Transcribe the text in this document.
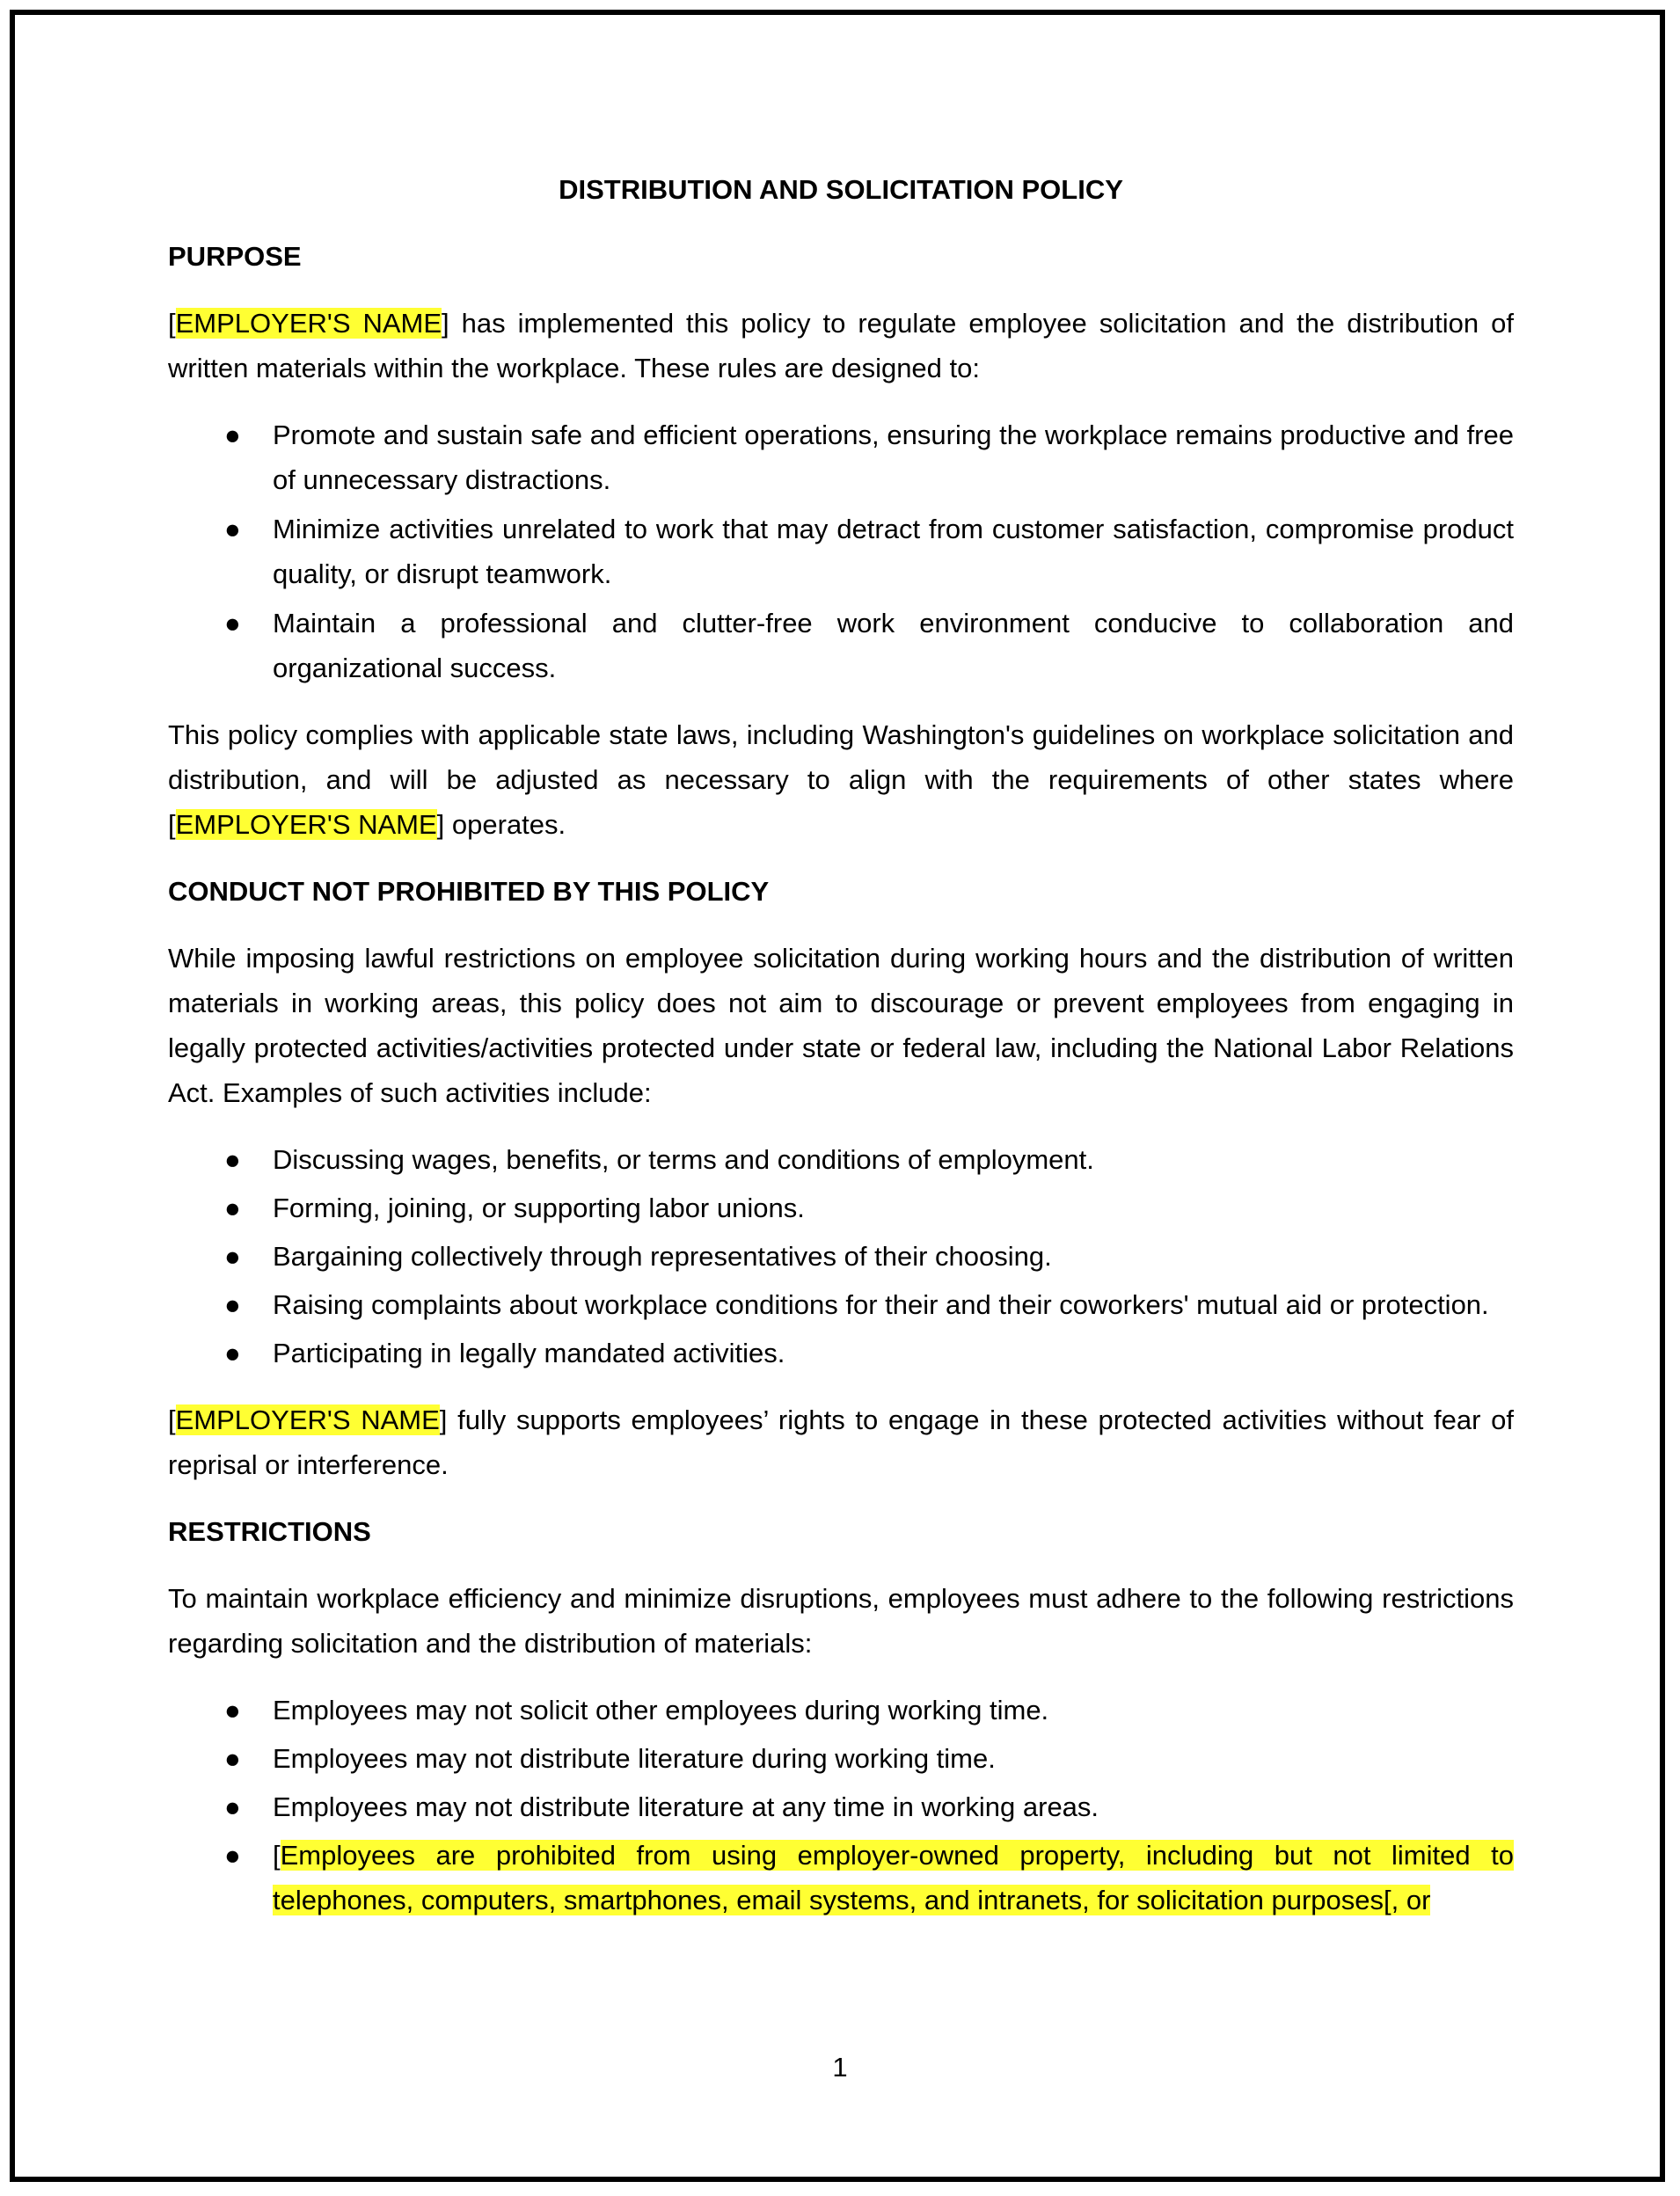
DISTRIBUTION AND SOLICITATION POLICY
PURPOSE

[EMPLOYER'S NAME] has implemented this policy to regulate employee solicitation and the distribution of written materials within the workplace. These rules are designed to:

● Promote and sustain safe and efficient operations, ensuring the workplace remains productive and free of unnecessary distractions.
● Minimize activities unrelated to work that may detract from customer satisfaction, compromise product quality, or disrupt teamwork.
● Maintain a professional and clutter-free work environment conducive to collaboration and organizational success.

This policy complies with applicable state laws, including Washington's guidelines on workplace solicitation and distribution, and will be adjusted as necessary to align with the requirements of other states where [EMPLOYER'S NAME] operates.

CONDUCT NOT PROHIBITED BY THIS POLICY

While imposing lawful restrictions on employee solicitation during working hours and the distribution of written materials in working areas, this policy does not aim to discourage or prevent employees from engaging in legally protected activities/activities protected under state or federal law, including the National Labor Relations Act. Examples of such activities include:

● Discussing wages, benefits, or terms and conditions of employment.
● Forming, joining, or supporting labor unions.
● Bargaining collectively through representatives of their choosing.
● Raising complaints about workplace conditions for their and their coworkers' mutual aid or protection.
● Participating in legally mandated activities.

[EMPLOYER'S NAME] fully supports employees’ rights to engage in these protected activities without fear of reprisal or interference.

RESTRICTIONS

To maintain workplace efficiency and minimize disruptions, employees must adhere to the following restrictions regarding solicitation and the distribution of materials:

● Employees may not solicit other employees during working time.
● Employees may not distribute literature during working time.
● Employees may not distribute literature at any time in working areas.
● [Employees are prohibited from using employer-owned property, including but not limited to telephones, computers, smartphones, email systems, and intranets, for solicitation purposes[, or
1
